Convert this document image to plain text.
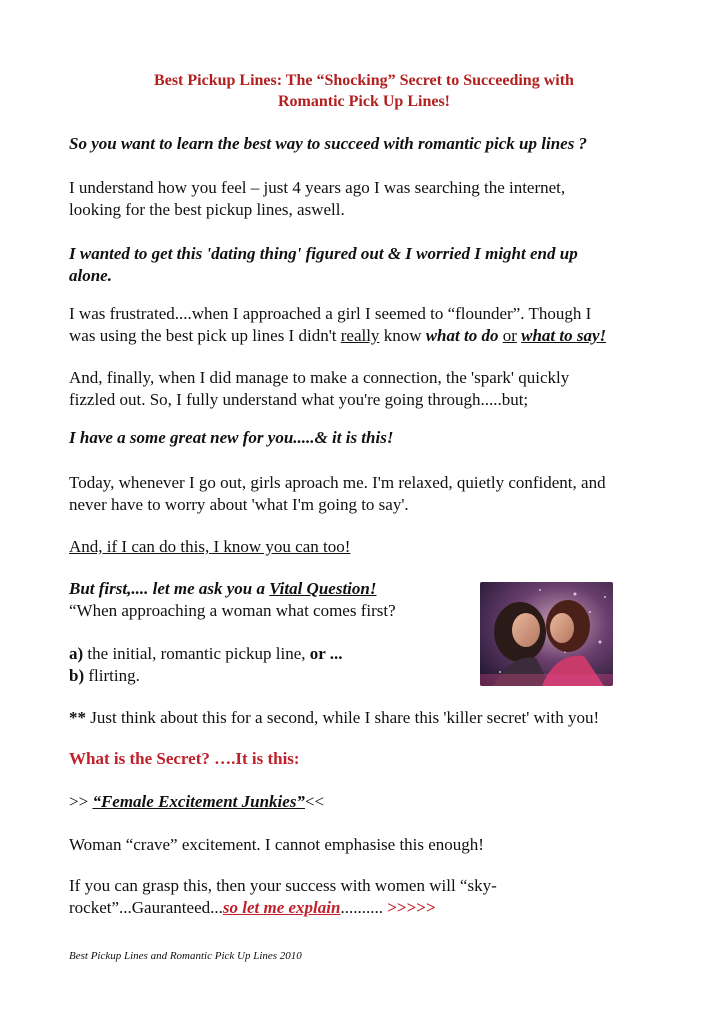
Best Pickup Lines: The “Shocking” Secret to Succeeding with
Romantic Pick Up Lines!

So you want to learn the best way to succeed with romantic pick up lines ?

I understand how you feel – just 4 years ago I was searching the internet,
looking for the best pickup lines, aswell.

I wanted to get this 'dating thing' figured out & I worried I might end up
alone.

I was frustrated....when I approached a girl I seemed to “flounder”. Though I
was using the best pick up lines I didn't really know what to do or what to say!

And, finally, when I did manage to make a connection, the 'spark' quickly
fizzled out. So, I fully understand what you're going through.....but;

I have a some great new for you.....& it is this!

Today, whenever I go out, girls aproach me. I'm relaxed, quietly confident, and
never have to worry about 'what I'm going to say'.

And, if I can do this, I know you can too!

But first,.... let me ask you a Vital Question!
“When approaching a woman what comes first?

a) the initial, romantic pickup line, or ...
b) flirting.

** Just think about this for a second, while I share this 'killer secret' with you!

What is the Secret? ….It is this:

>> “Female Excitement Junkies”<<

Woman “crave” excitement. I cannot emphasise this enough!

If you can grasp this, then your success with women will “sky-
rocket”...Gauranteed...so let me explain.......... >>>>>

Best Pickup Lines and Romantic Pick Up Lines 2010
